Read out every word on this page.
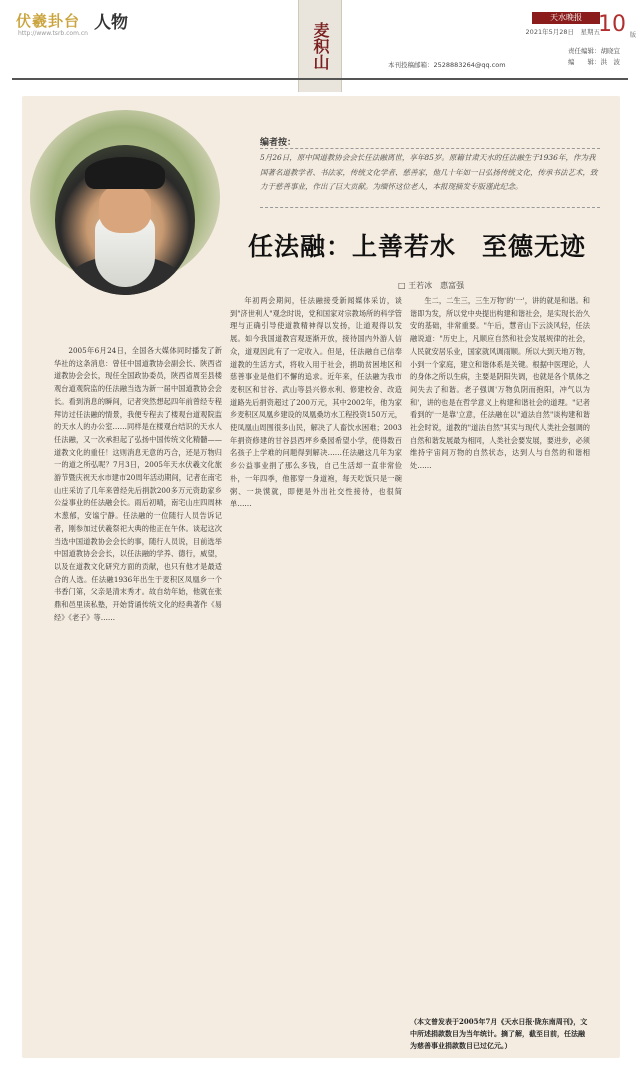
伏羲卦台
http://www.tsrb.com.cn
人物	麦积山
天水晚报
2021年5月28日　星期五
10 版
责任编辑：胡晓宜
编　　辑：洪　波
本刊投稿邮箱：2528883264@qq.com
编者按：
5月26日，原中国道教协会会长任法融离世，享年85岁。原籍甘肃天水的任法融生于1936年，作为我国著名道教学者、书法家，传统文化学者、慈善家，他几十年如一日弘扬传统文化，传承书法艺术，致力于慈善事业，作出了巨大贡献。为缅怀这位老人，本报现摘发专版谨此纪念。
任法融：上善若水　至德无迹
□ 王若冰　惠富强

2005年6月24日，全国各大媒体同时播发了新华社的这条消息：曾任中国道教协会副会长、陕西省道教协会会长，现任全国政协委员，陕西省周至县楼观台道观院监的任法融当选为新一届中国道教协会会长。看到消息的瞬间，记者突然想起四年前曾经专程拜访过任法融的情景，我便专程去了楼观台道观院监的天水人的办公室……同样是在楼观台结识的天水人任法融，又一次承担起了弘扬中国传统文化精髓——道教文化的重任！这则消息无意的巧合，还是万物归一的道之所弘呢？7月3日，2005年天水伏羲文化旅游节暨庆祝天水市建市20周年活动期间，记者在南宅山庄采访了几年来曾经先后捐款200多万元资助家乡公益事业的任法融会长。雨后初晴，南宅山庄四周林木葱郁，安谧宁静。任法融的一位随行人员告诉记者，刚参加过伏羲祭祀大典的他正在午休。谈起这次当选中国道教协会会长的事，随行人员说，目前选举中国道教协会会长，以任法融的学养、德行，威望，以及在道教文化研究方面的贡献，也只有他才是最适合的人选。任法融1936年出生于麦积区凤凰乡一个书香门第，父亲是清末秀才。故自幼年始，他就在张鼎和邑里读私塾，开始背诵传统文化的经典著作《易经》《老子》等……

年初两会期间，任法融接受新闻媒体采访，谈到"济世利人"观念时说，党和国家对宗教场所的科学管理与正确引导使道教精神得以发扬，让道观得以发展。如今我国道教宫观逐渐开放，接待国内外游人信众，道观因此有了一定收入。但是，任法融自己信奉道教的生活方式，将收入用于社会，捐助贫困地区和慈善事业是他们不懈的追求。近年来，任法融为我市麦积区和甘谷、武山等县兴修水利、修建校舍、改造道路先后捐资超过了200万元，其中2002年，他为家乡麦积区凤凰乡建设的凤凰桑坊水工程投资150万元，使凤凰山周围很多山民，解决了人畜饮水困难；2003年捐资修建的甘谷县西坪乡桑园希望小学，使得数百名孩子上学难的问题得到解决……任法融这几年为家乡公益事业捐了那么多钱，自己生活却一直非常俭朴，一年四季，他都穿一身道袍，每天吃饭只是一碗粥、一块馍就，即便是外出社交性接待，也很简单……

生二，二生三，三生万物'的'一'，讲的就是和谐。和谐即为发，所以党中央提出构建和谐社会，是实现长治久安的基础，非常重要。"午后，慧音山下云淡风轻，任法融说道："历史上，凡顺应自然和社会发展规律的社会，人民就安居乐业，国家就风调雨顺。所以大到天地万物，小到一个家庭，建立和谐体系是关键。根据中医理论，人的身体之所以生病，主要是阴阳失调，也就是各个肌体之间失去了和谐。老子强调'万物负阴而抱阳，冲气以为和'，讲的也是在哲学意义上构建和谐社会的道理。"记者看到的'一是靠'立意，任法融在以"道法自然"谈构建和谐社会时说，道教的"道法自然"其实与现代人类社会强调的自然和谐发展最为相同，人类社会要发展，要进步，必须维持宇宙间万物的自然状态，达到人与自然的和谐相处……

（本文曾发表于2005年7月《天水日报·陇东南周刊》，文中所述捐款数目为当年统计。摘了解，截至目前，任法融为慈善事业捐款数目已过亿元。）
